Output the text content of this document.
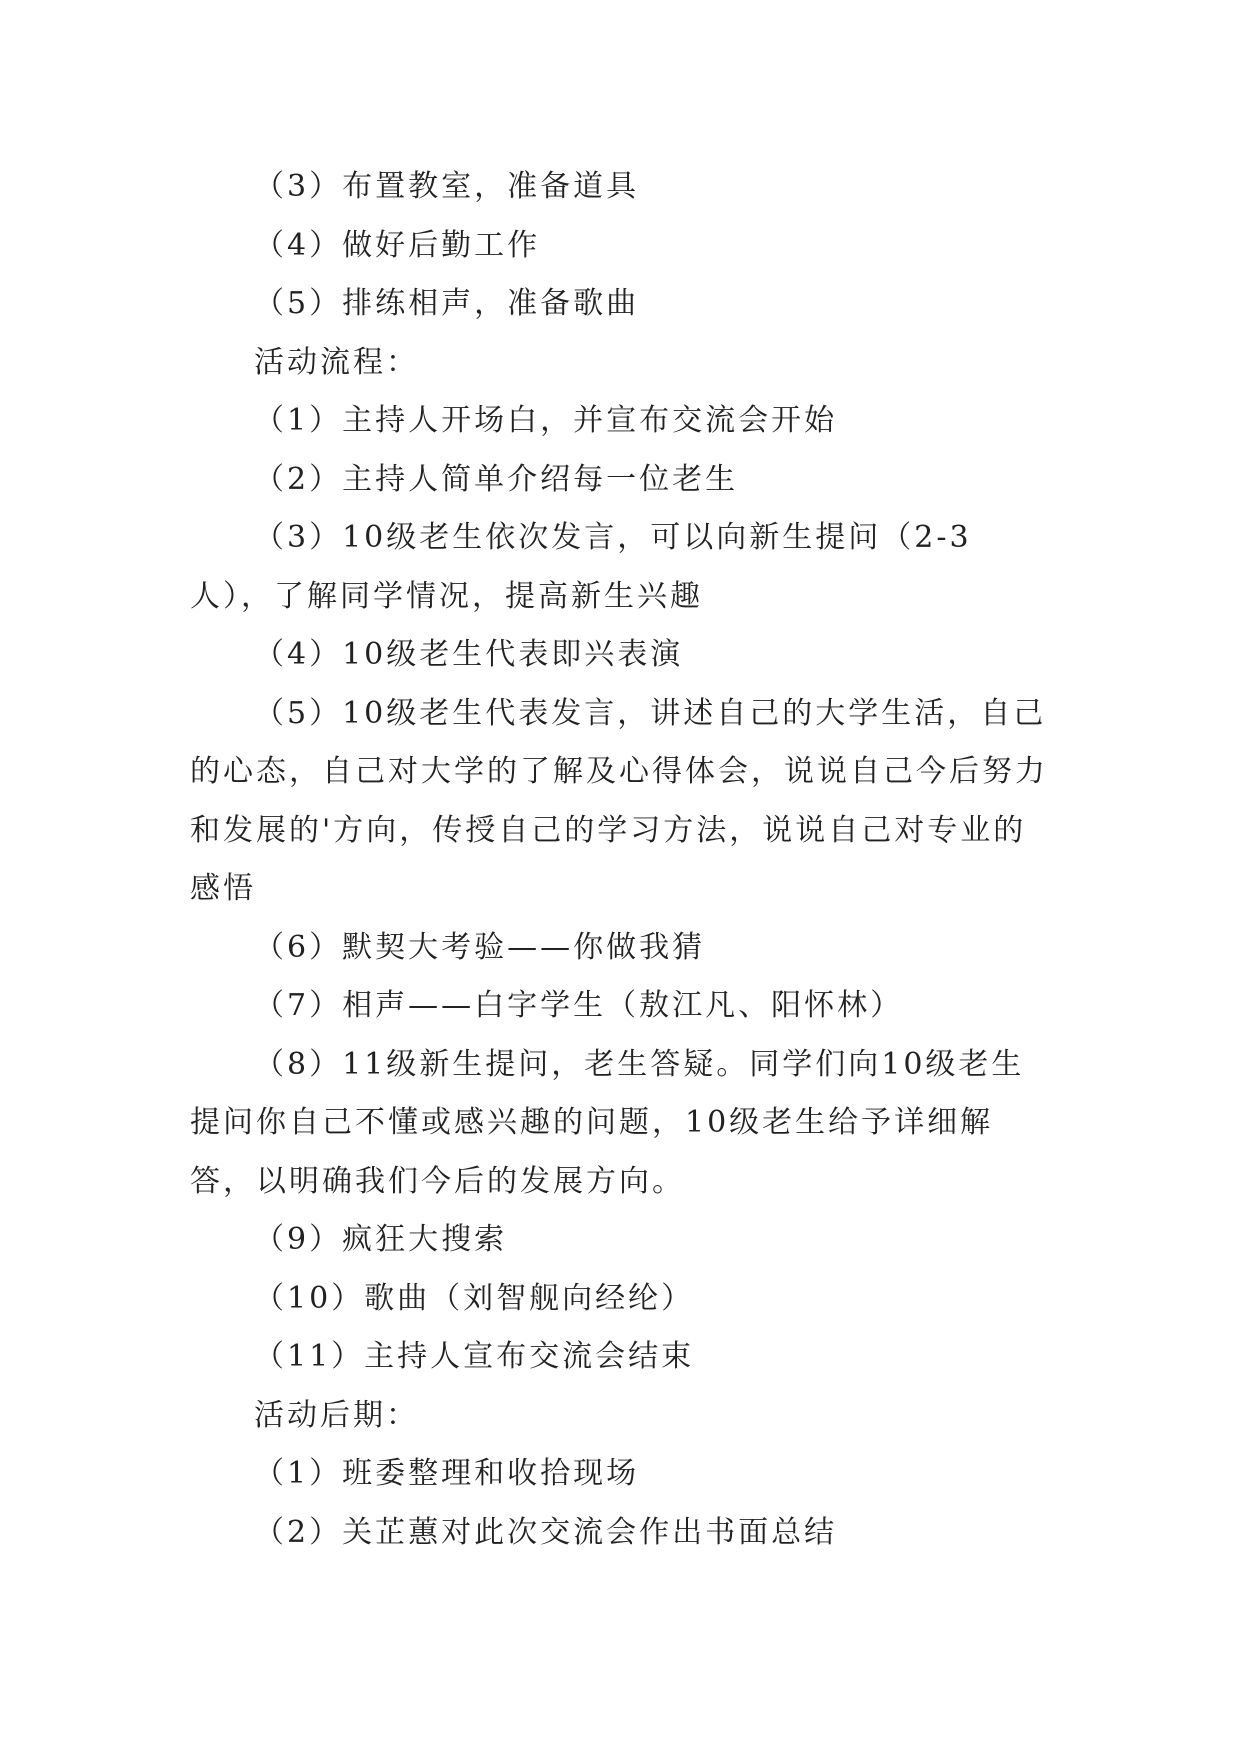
（3）布置教室，准备道具

（4）做好后勤工作

（5）排练相声，准备歌曲

活动流程：

（1）主持人开场白，并宣布交流会开始

（2）主持人简单介绍每一位老生

（3）10级老生依次发言，可以向新生提问（2-3人），了解同学情况，提高新生兴趣

（4）10级老生代表即兴表演

（5）10级老生代表发言，讲述自己的大学生活，自己的心态，自己对大学的了解及心得体会，说说自己今后努力和发展的'方向，传授自己的学习方法，说说自己对专业的感悟

（6）默契大考验——你做我猜

（7）相声——白字学生（敖江凡、阳怀林）

（8）11级新生提问，老生答疑。同学们向10级老生提问你自己不懂或感兴趣的问题，10级老生给予详细解答，以明确我们今后的发展方向。

（9）疯狂大搜索

（10）歌曲（刘智舰向经纶）

（11）主持人宣布交流会结束

活动后期：

（1）班委整理和收拾现场

（2）关芷蕙对此次交流会作出书面总结
